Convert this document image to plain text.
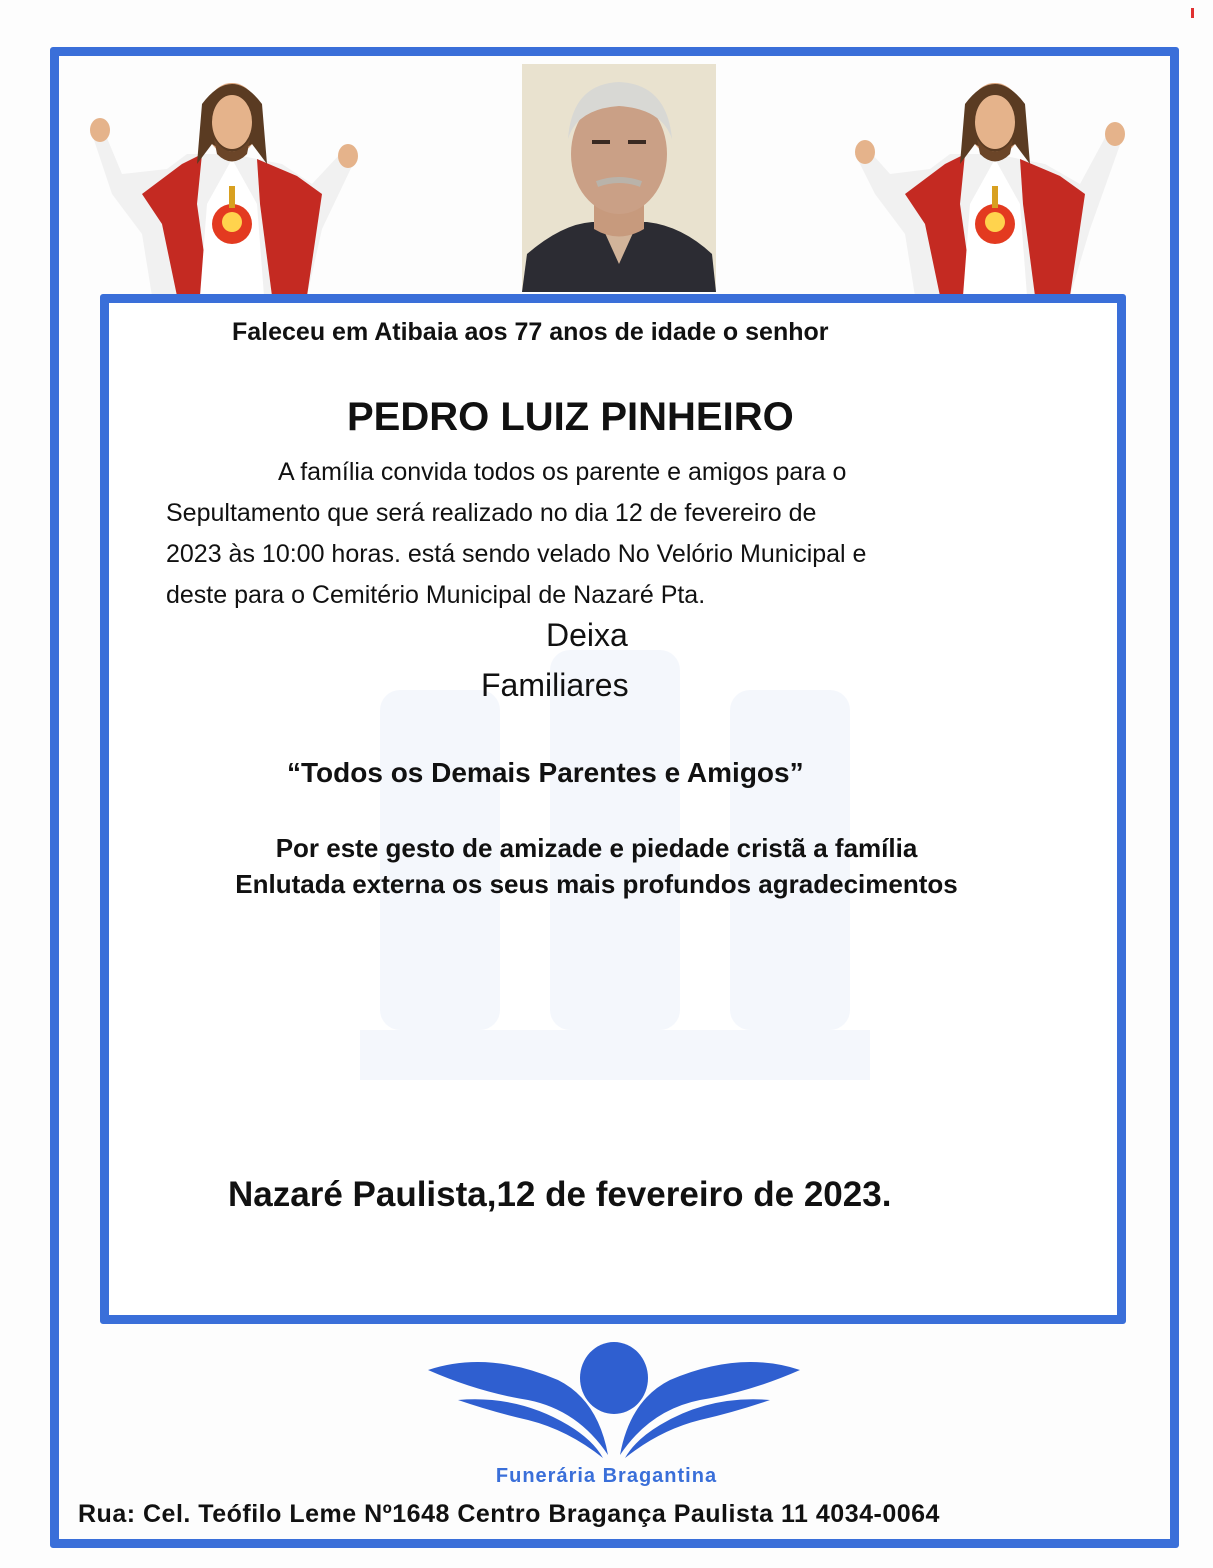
Faleceu em Atibaia aos 77 anos de idade o senhor

PEDRO LUIZ PINHEIRO

A família convida todos os parente e amigos para o
Sepultamento que será realizado no dia 12 de fevereiro de
2023 às 10:00 horas. está sendo velado No Velório Municipal e
deste para o Cemitério Municipal de Nazaré Pta.

Deixa

Familiares

“Todos os Demais Parentes e Amigos”

Por este gesto de amizade e piedade cristã a família
Enlutada externa os seus mais profundos agradecimentos

Nazaré Paulista,12 de fevereiro de 2023.

Funerária Bragantina

Rua: Cel. Teófilo Leme Nº1648 Centro Bragança Paulista 11 4034-0064
